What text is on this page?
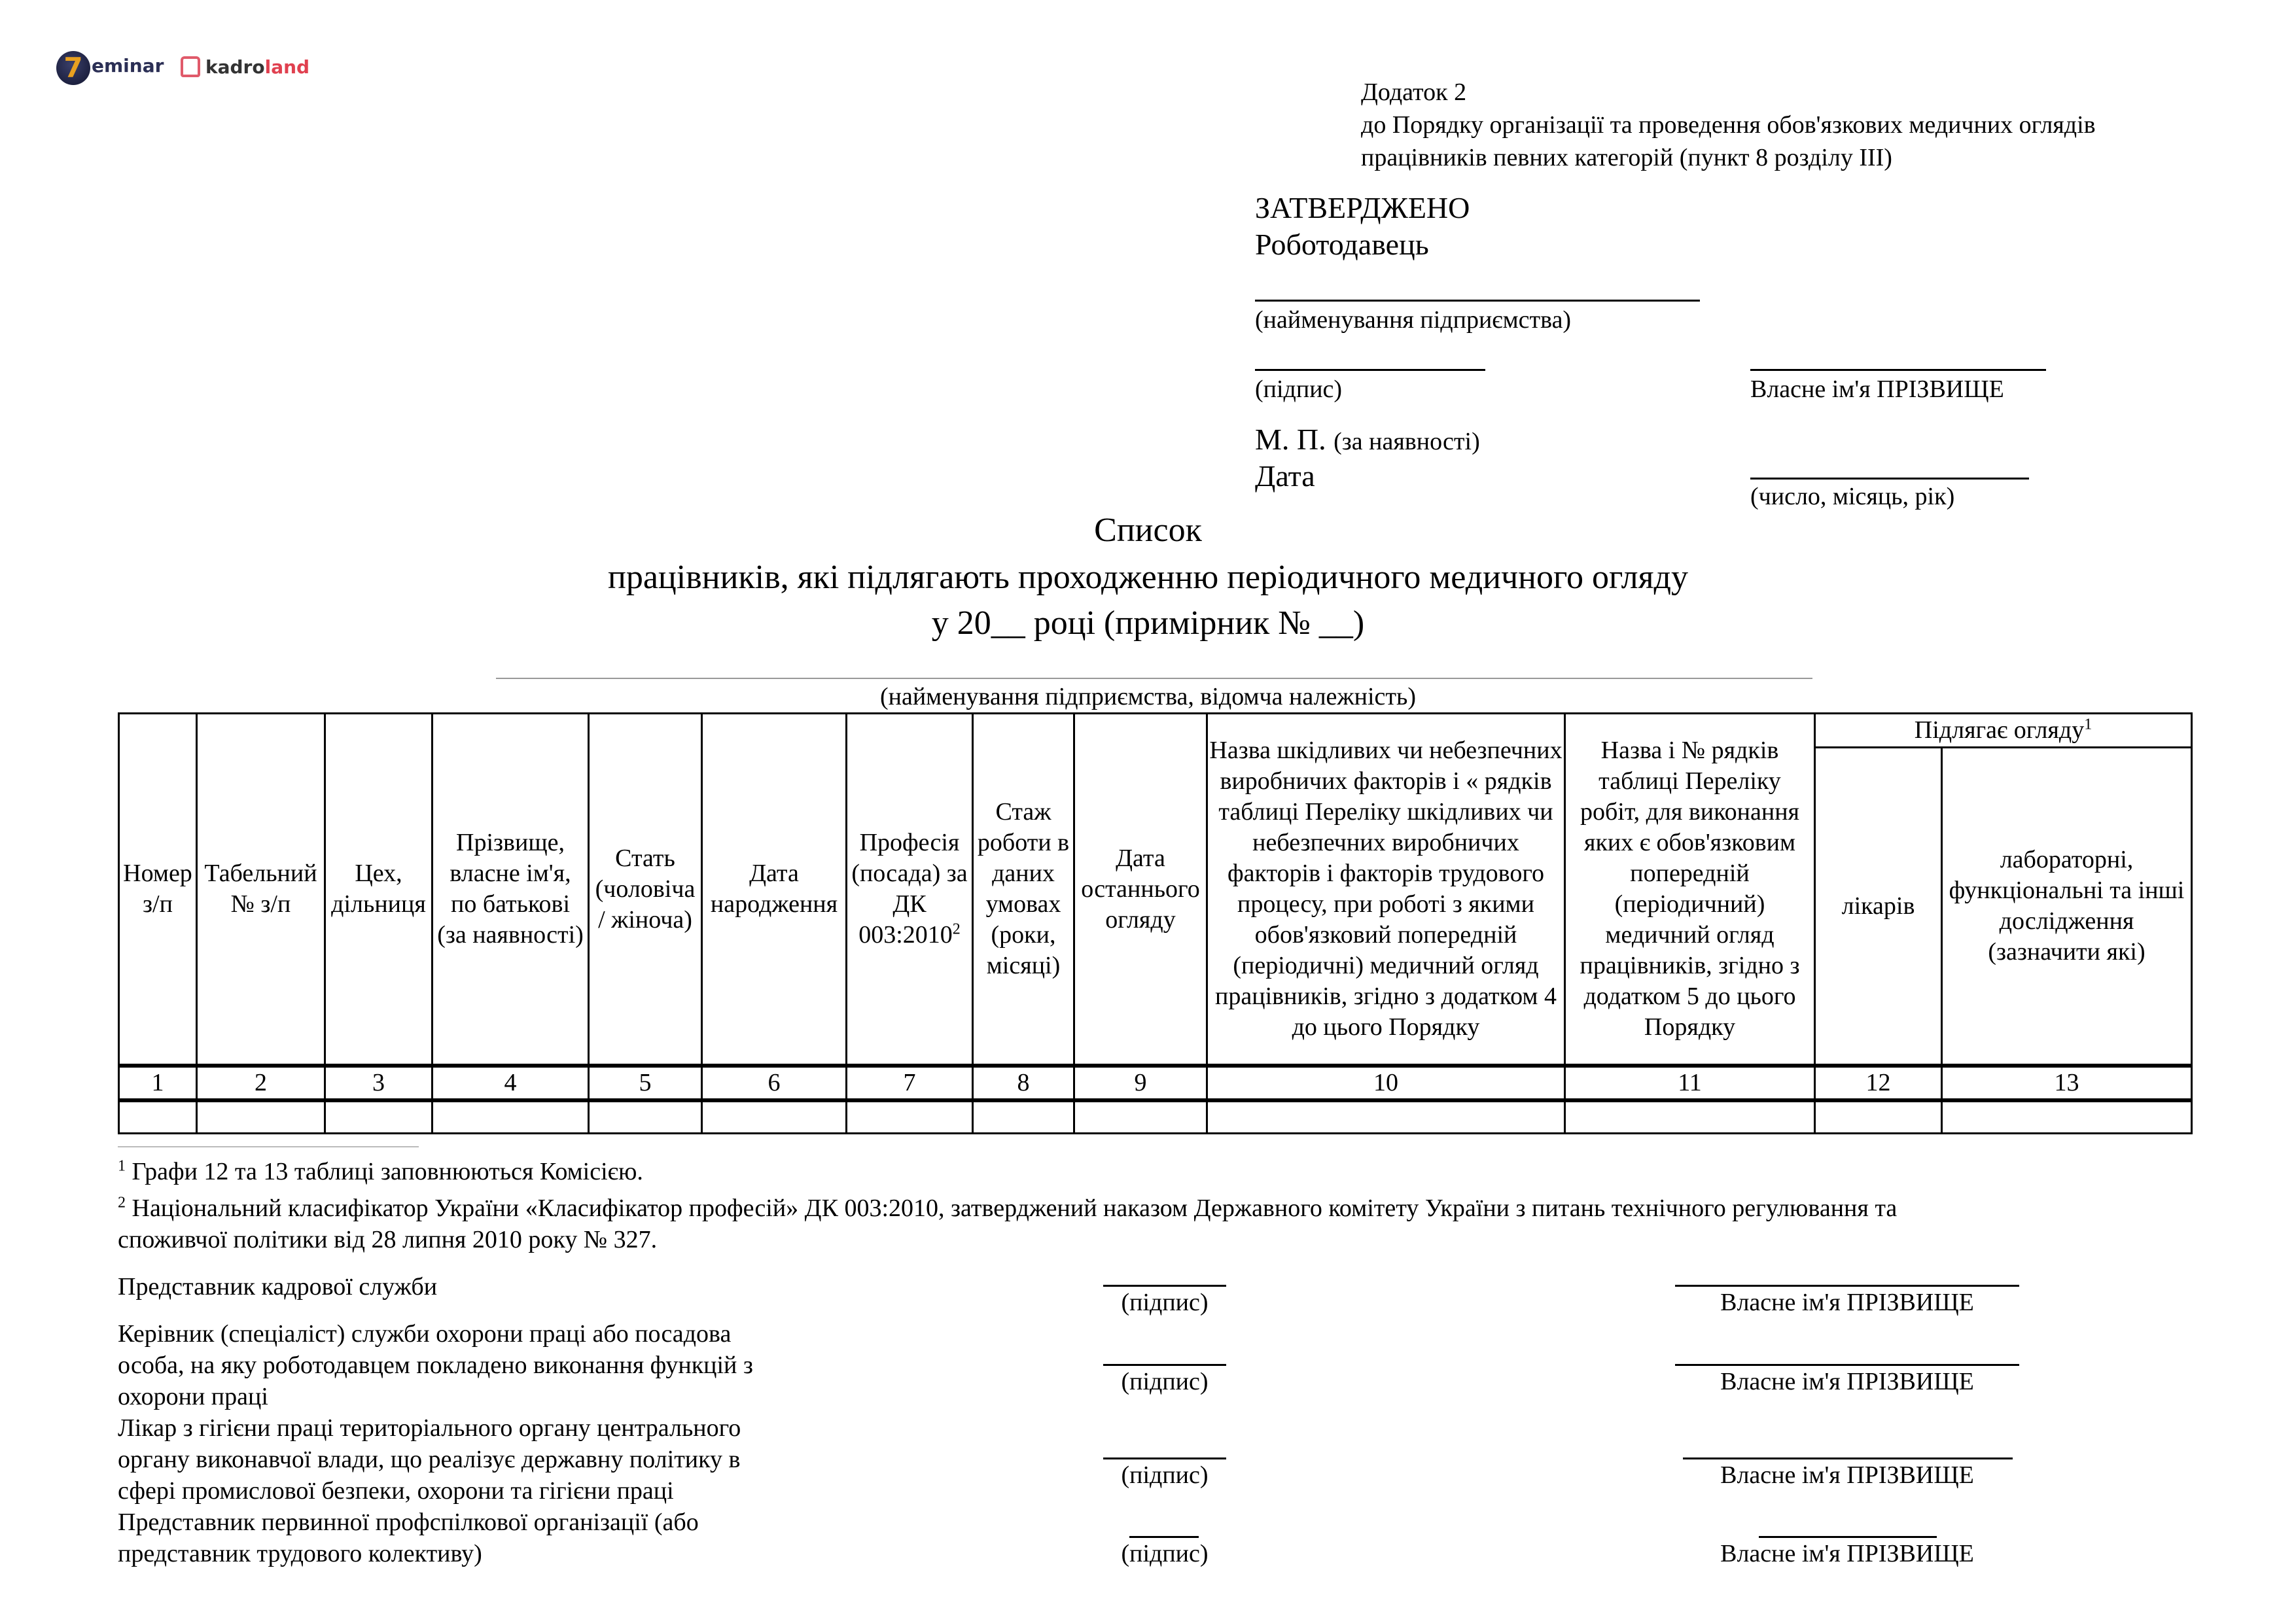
7 eminar kadroland
Додаток 2
до Порядку організації та проведення обов'язкових медичних оглядів
працівників певних категорій (пункт 8 розділу III)
ЗАТВЕРДЖЕНО
Роботодавець
(найменування підприємства)
(підпис)	Власне ім'я ПРІЗВИЩЕ
М. П. (за наявності)
Дата
(число, місяць, рік)
Список
працівників, які підлягають проходженню періодичного медичного огляду
у 20__ році (примірник № __)
(найменування підприємства, відомча належність)
Номер з/п	Табельний № з/п	Цех, дільниця	Прізвище, власне ім'я, по батькові (за наявності)	Стать (чоловіча / жіноча)	Дата народження	Професія (посада) за ДК 003:2010$^2$	Стаж роботи в даних умовах (роки, місяці)	Дата останнього огляду	Назва шкідливих чи небезпечних виробничих факторів і « рядків таблиці Переліку шкідливих чи небезпечних виробничих факторів і факторів трудового процесу, при роботі з якими обов'язковий попередній (періодичні) медичний огляд працівників, згідно з додатком 4 до цього Порядку	Назва і № рядків таблиці Переліку робіт, для виконання яких є обов'язковим попередній (періодичний) медичний огляд працівників, згідно з додатком 5 до цього Порядку	Підлягає огляду$^1$
											лікарів	лабораторні, функціональні та інші дослідження (зазначити які)
1	2	3	4	5	6	7	8	9	10	11	12	13

$^1$ Графи 12 та 13 таблиці заповнюються Комісією.
$^2$ Національний класифікатор України «Класифікатор професій» ДК 003:2010, затверджений наказом Державного комітету України з питань технічного регулювання та
споживчої політики від 28 липня 2010 року № 327.
Представник кадрової служби
(підпис)	Власне ім'я ПРІЗВИЩЕ
Керівник (спеціаліст) служби охорони праці або посадова
особа, на яку роботодавцем покладено виконання функцій з
охорони праці
(підпис)	Власне ім'я ПРІЗВИЩЕ
Лікар з гігієни праці територіального органу центрального
органу виконавчої влади, що реалізує державну політику в
сфері промислової безпеки, охорони та гігієни праці
(підпис)	Власне ім'я ПРІЗВИЩЕ
Представник первинної профспілкової організації (або
представник трудового колективу)	(підпис)	Власне ім'я ПРІЗВИЩЕ
